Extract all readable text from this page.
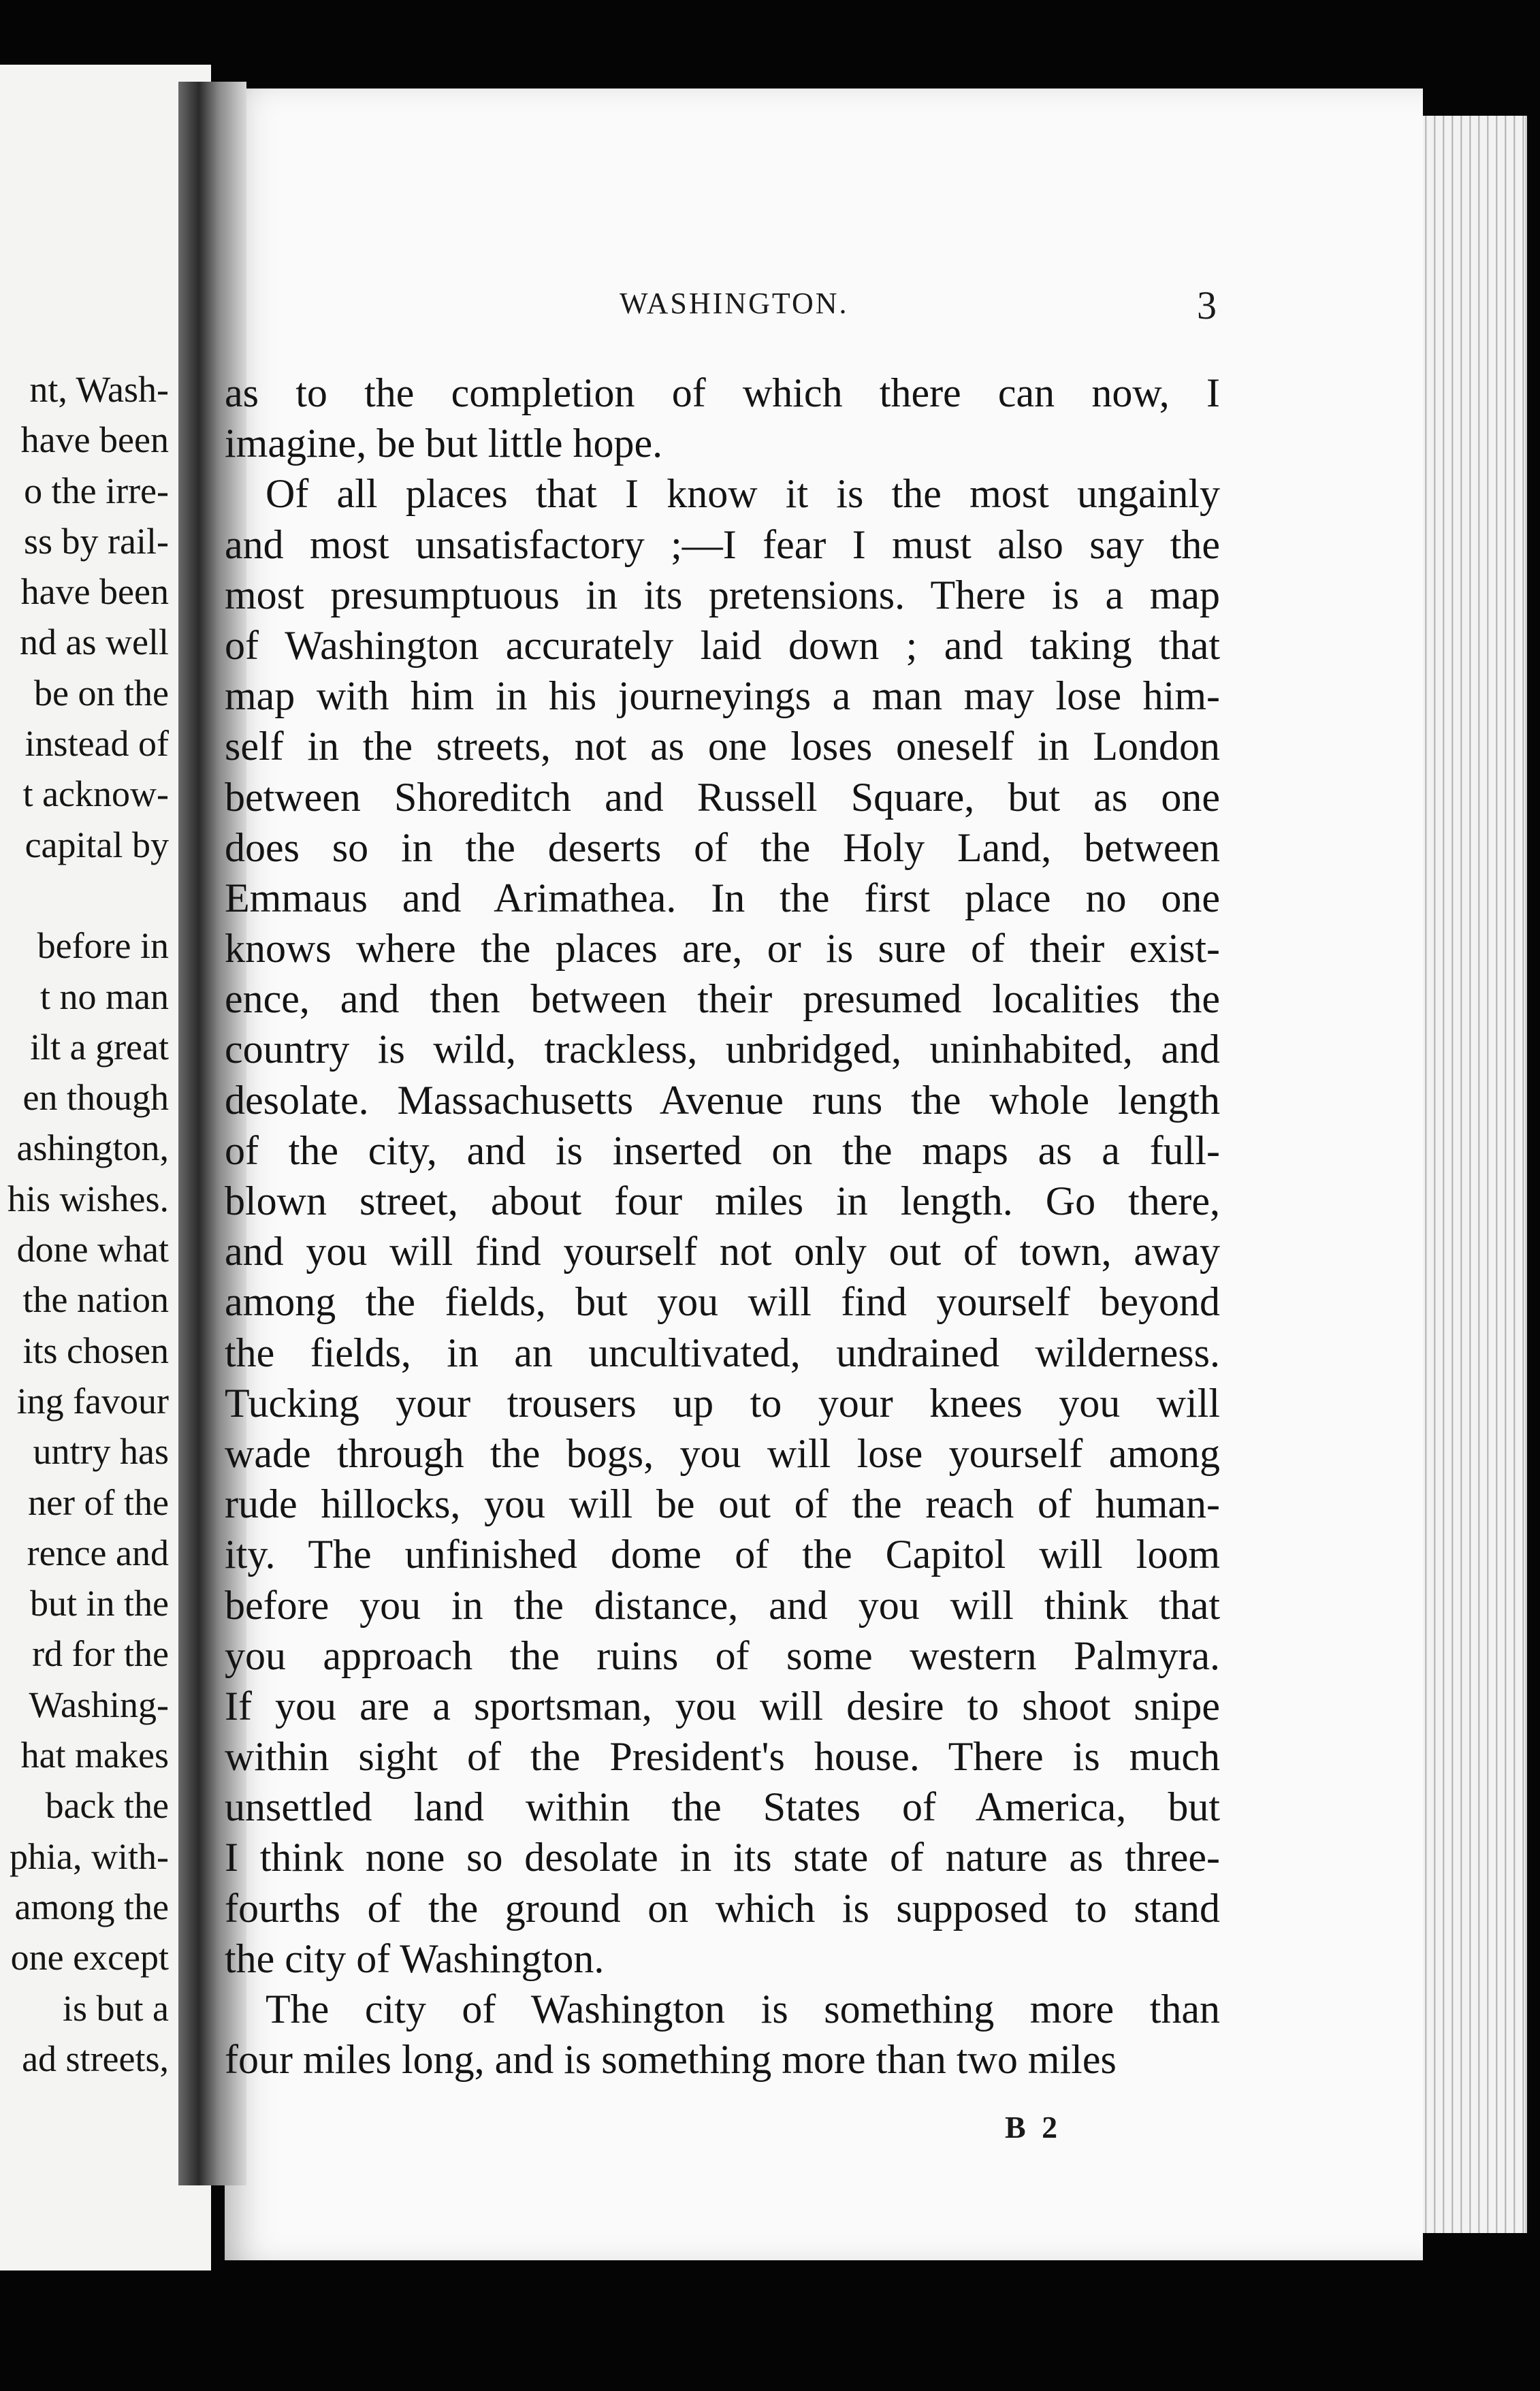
nt, Wash-
have been
o the irre-
ss by rail-
have been
nd as well
be on the
instead of
t acknow-
capital by
before in
t no man
ilt a great
en though
ashington,
his wishes.
done what
the nation
its chosen
ing favour
untry has
ner of the
rence and
but in the
rd for the
Washing-
hat makes
back the
phia, with-
among the
one except
is but a
ad streets,
WASHINGTON.	3
as to the completion of which there can now, I
imagine, be but little hope.
Of all places that I know it is the most ungainly
and most unsatisfactory ;—I fear I must also say the
most presumptuous in its pretensions. There is a map
of Washington accurately laid down ; and taking that
map with him in his journeyings a man may lose him-
self in the streets, not as one loses oneself in London
between Shoreditch and Russell Square, but as one
does so in the deserts of the Holy Land, between
Emmaus and Arimathea. In the first place no one
knows where the places are, or is sure of their exist-
ence, and then between their presumed localities the
country is wild, trackless, unbridged, uninhabited, and
desolate. Massachusetts Avenue runs the whole length
of the city, and is inserted on the maps as a full-
blown street, about four miles in length. Go there,
and you will find yourself not only out of town, away
among the fields, but you will find yourself beyond
the fields, in an uncultivated, undrained wilderness.
Tucking your trousers up to your knees you will
wade through the bogs, you will lose yourself among
rude hillocks, you will be out of the reach of human-
ity. The unfinished dome of the Capitol will loom
before you in the distance, and you will think that
you approach the ruins of some western Palmyra.
If you are a sportsman, you will desire to shoot snipe
within sight of the President's house. There is much
unsettled land within the States of America, but
I think none so desolate in its state of nature as three-
fourths of the ground on which is supposed to stand
the city of Washington.
The city of Washington is something more than
four miles long, and is something more than two miles
B 2
